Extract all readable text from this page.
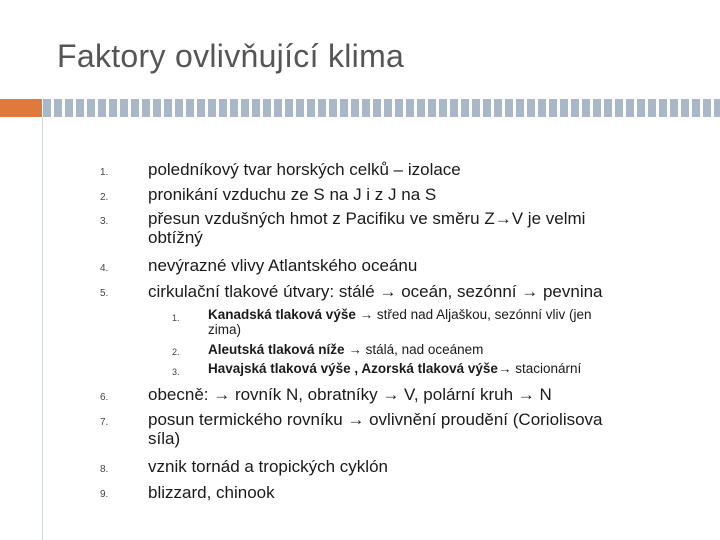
Faktory ovlivňující klima
1. poledníkový tvar horských celků – izolace
2. pronikání vzduchu ze S na J i z J na S
3. přesun vzdušných hmot z Pacifiku ve směru Z→V je velmi
obtížný
4. nevýrazné vlivy Atlantského oceánu
5. cirkulační tlakové útvary: stálé → oceán, sezónní → pevnina
1. Kanadská tlaková výše → střed nad Aljaškou, sezónní vliv (jen
zima)
2. Aleutská tlaková níže → stálá, nad oceánem
3. Havajská tlaková výše , Azorská tlaková výše→ stacionární
6. obecně: → rovník N, obratníky → V, polární kruh → N
7. posun termického rovníku → ovlivnění proudění (Coriolisova
síla)
8. vznik tornád a tropických cyklón
9. blizzard, chinook
